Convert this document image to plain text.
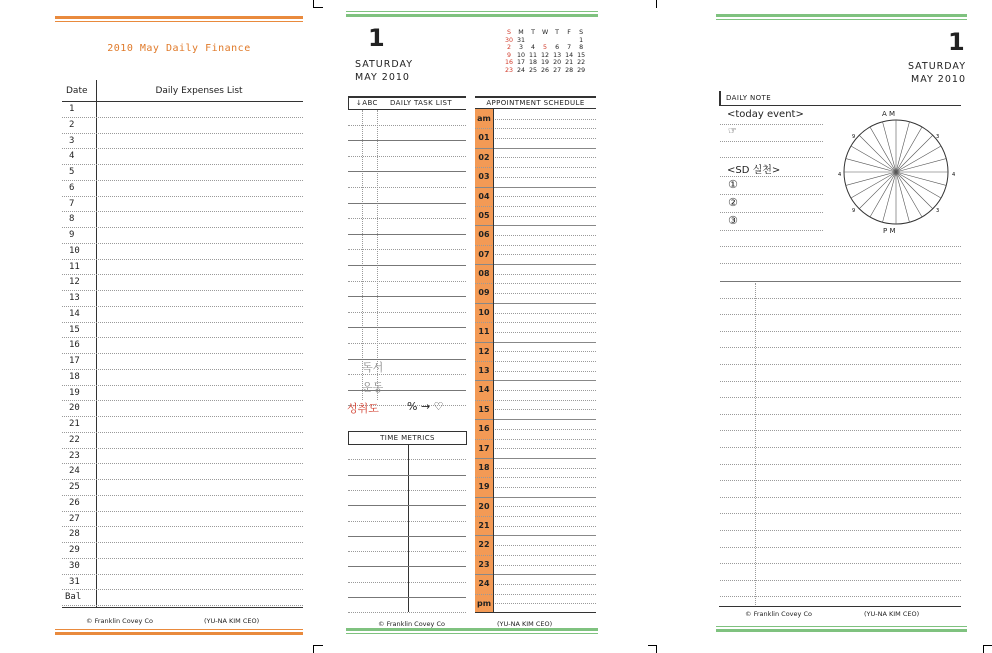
2010 May Daily Finance
Date	Daily Expenses List
1
2
3
4
5
6
7
8
9
10
11
12
13
14
15
16
17
18
19
20
21
22
23
24
25
26
27
28
29
30
31
Bal
© Franklin Covey Co	(YU-NA KIM CEO)
1
SATURDAY
MAY 2010
S	M	T	W	T	F	S
30	31					1
2	3	4	5	6	7	8
9	10	11	12	13	14	15
16	17	18	19	20	21	22
23	24	25	26	27	28	29
↓ABC DAILY TASK LIST
독서
운동
성취도	% → ♡
TIME METRICS
APPOINTMENT SCHEDULE
am
01
02
03
04
05
06
07
08
09
10
11
12
13
14
15
16
17
18
19
20
21
22
23
24
pm
© Franklin Covey Co	(YU-NA KIM CEO)
1
SATURDAY
MAY 2010
DAILY NOTE
<today event>
☞
<SD 실천>
①
②
③
4	4
9	3
9	3
A M
P M
© Franklin Covey Co	(YU-NA KIM CEO)
